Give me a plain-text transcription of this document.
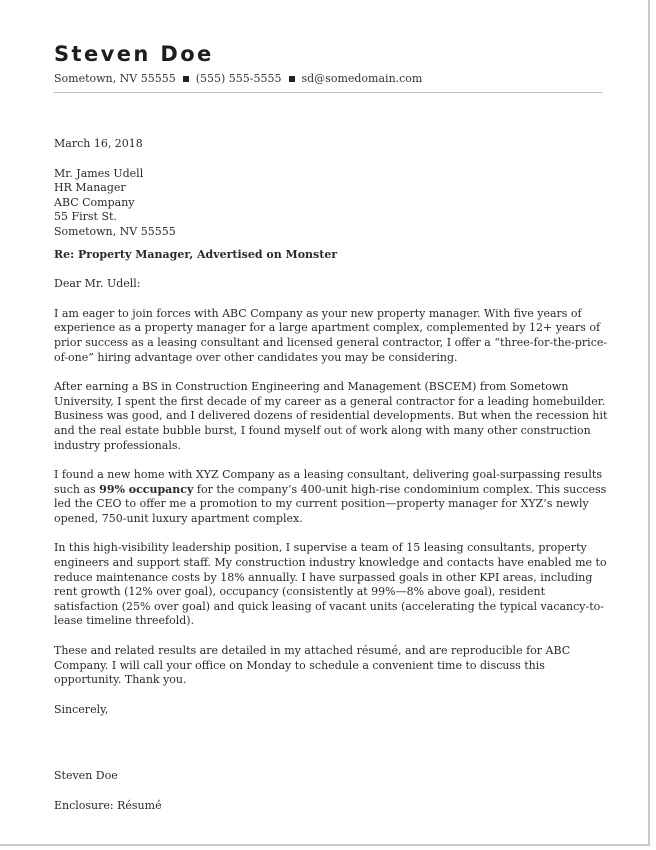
Steven Doe
Sometown, NV 55555 (555) 555-5555 sd@somedomain.com

March 16, 2018

Mr. James Udell
HR Manager
ABC Company
55 First St.
Sometown, NV 55555

Re: Property Manager, Advertised on Monster

Dear Mr. Udell:

I am eager to join forces with ABC Company as your new property manager. With five years of experience as a property manager for a large apartment complex, complemented by 12+ years of prior success as a leasing consultant and licensed general contractor, I offer a “three-for-the-price-of-one” hiring advantage over other candidates you may be considering.

After earning a BS in Construction Engineering and Management (BSCEM) from Sometown University, I spent the first decade of my career as a general contractor for a leading homebuilder. Business was good, and I delivered dozens of residential developments. But when the recession hit and the real estate bubble burst, I found myself out of work along with many other construction industry professionals.

I found a new home with XYZ Company as a leasing consultant, delivering goal-surpassing results such as 99% occupancy for the company’s 400-unit high-rise condominium complex. This success led the CEO to offer me a promotion to my current position—property manager for XYZ’s newly opened, 750-unit luxury apartment complex.

In this high-visibility leadership position, I supervise a team of 15 leasing consultants, property engineers and support staff. My construction industry knowledge and contacts have enabled me to reduce maintenance costs by 18% annually. I have surpassed goals in other KPI areas, including rent growth (12% over goal), occupancy (consistently at 99%—8% above goal), resident satisfaction (25% over goal) and quick leasing of vacant units (accelerating the typical vacancy-to-lease timeline threefold).

These and related results are detailed in my attached résumé, and are reproducible for ABC Company. I will call your office on Monday to schedule a convenient time to discuss this opportunity. Thank you.

Sincerely,

Steven Doe

Enclosure: Résumé
